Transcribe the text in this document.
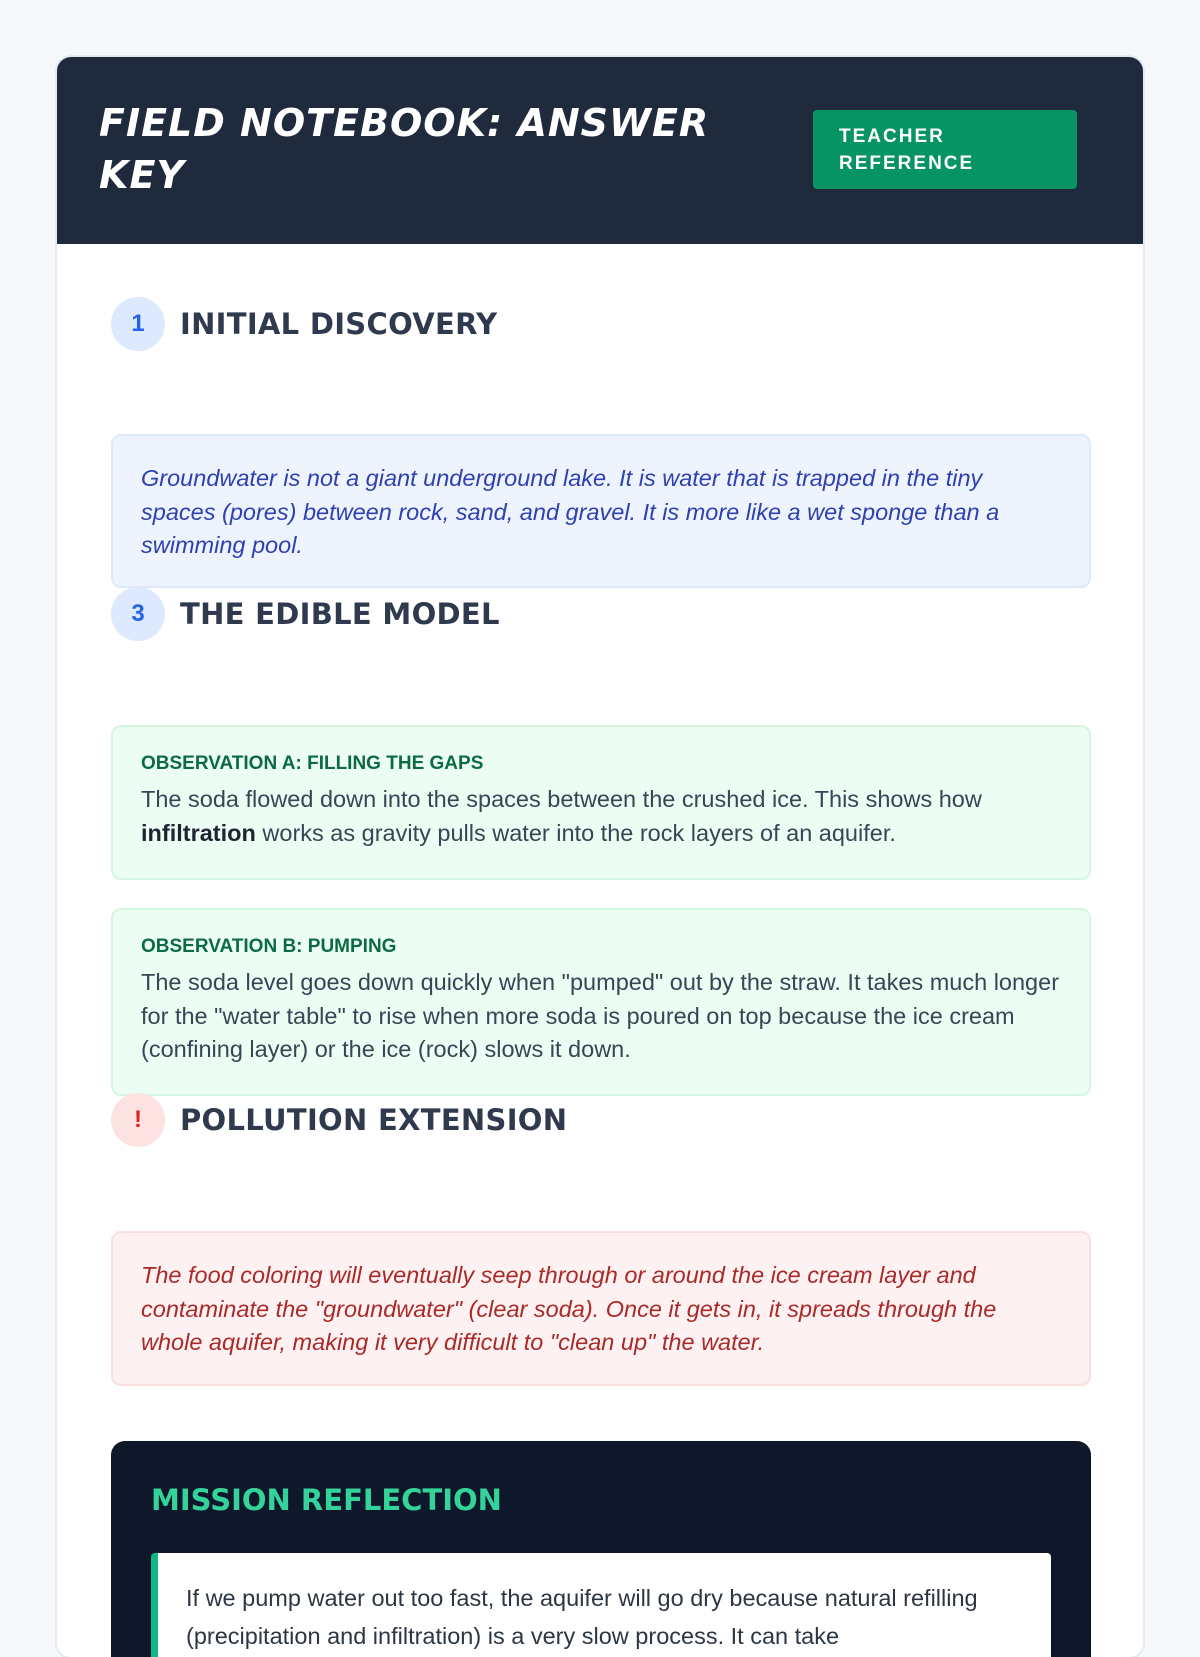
FIELD NOTEBOOK: ANSWER KEY
TEACHER REFERENCE
1	INITIAL DISCOVERY

Groundwater is not a giant underground lake. It is water that is trapped in the tiny spaces (pores) between rock, sand, and gravel. It is more like a wet sponge than a swimming pool.

3	THE EDIBLE MODEL

OBSERVATION A: FILLING THE GAPS

The soda flowed down into the spaces between the crushed ice. This shows how infiltration works as gravity pulls water into the rock layers of an aquifer.

OBSERVATION B: PUMPING

The soda level goes down quickly when "pumped" out by the straw. It takes much longer for the "water table" to rise when more soda is poured on top because the ice cream (confining layer) or the ice (rock) slows it down.

!	POLLUTION EXTENSION

The food coloring will eventually seep through or around the ice cream layer and contaminate the "groundwater" (clear soda). Once it gets in, it spreads through the whole aquifer, making it very difficult to "clean up" the water.

MISSION REFLECTION

If we pump water out too fast, the aquifer will go dry because natural refilling (precipitation and infiltration) is a very slow process. It can take
